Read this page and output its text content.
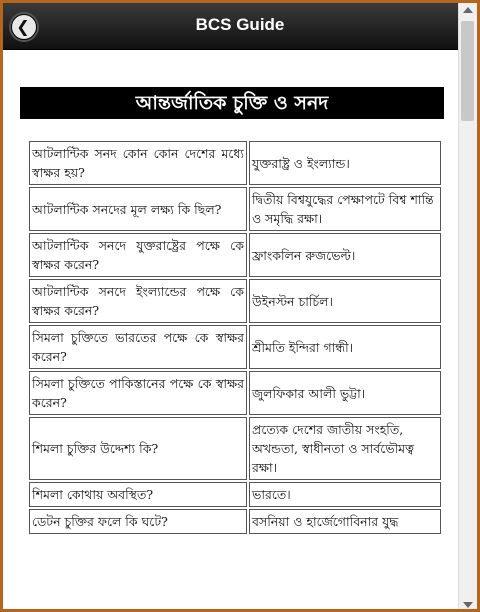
❮	BCS Guide
আন্তর্জাতিক চুক্তি ও সনদ
আটলান্টিক সনদ কোন কোন দেশের মধ্যে স্বাক্ষর হয়?	যুক্তরাষ্ট্র ও ইংল্যান্ড।
আটলান্টিক সনদের মূল লক্ষ্য কি ছিল?	দ্বিতীয় বিশ্বযুদ্ধের পেক্ষাপটে বিশ্ব শান্তি ও সমৃদ্ধি রক্ষা।
আটলান্টিক সনদে যুক্তরাষ্ট্রের পক্ষে কে স্বাক্ষর করেন?	ফ্রাংকলিন রুজভেল্ট।
আটলান্টিক সনদে ইংল্যান্ডের পক্ষে কে স্বাক্ষর করেন?	উইনস্টন চার্চিল।
সিমলা চুক্তিতে ভারতের পক্ষে কে স্বাক্ষর করেন?	শ্রীমতি ইন্দিরা গান্ধী।
সিমলা চুক্তিতে পাকিস্তানের পক্ষে কে স্বাক্ষর করেন?	জুলফিকার আলী ভুট্টা।
শিমলা চুক্তির উদ্দেশ্য কি?	প্রত্যেক দেশের জাতীয় সংহতি, অখন্ডতা, স্বাধীনতা ও সার্বভৌমত্ব রক্ষা।
শিমলা কোথায় অবস্থিত?	ভারতে।
ডেটন চুক্তির ফলে কি ঘটে?	বসনিয়া ও হার্জেগোবিনার যুদ্ধ
